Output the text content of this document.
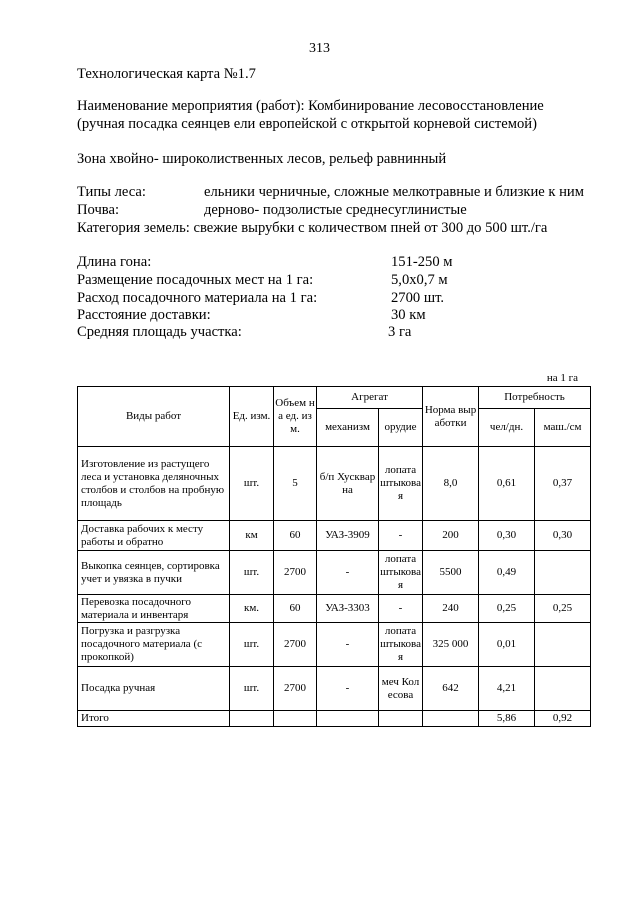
313
Технологическая карта №1.7
Наименование мероприятия (работ): Комбинирование лесовосстановление
(ручная посадка сеянцев ели европейской с открытой корневой системой)
Зона хвойно- широколиственных лесов, рельеф равнинный
Типы леса:	ельники черничные, сложные мелкотравные и близкие к ним
Почва:	дерново- подзолистые среднесуглинистые
Категория земель: свежие вырубки с количеством пней от 300 до 500 шт./га
Длина гона:	151-250 м
Размещение посадочных мест на 1 га:	5,0х0,7 м
Расход посадочного материала на 1 га:	2700 шт.
Расстояние доставки:	30 км
Средняя площадь участка:	3 га
на 1 га
Виды работ	Ед. изм.	Объем на ед. изм.	Агрегат		Норма выработки	Потребность	
			механизм	орудие		чел/дн.	маш./см
Изготовление из растущего леса и установка деляночных столбов и столбов на пробную площадь	шт.	5	б/п Хускварна	лопата штыковая	8,0	0,61	0,37
Доставка рабочих к месту работы и обратно	км	60	УАЗ-3909	-	200	0,30	0,30
Выкопка сеянцев, сортировка учет и увязка в пучки	шт.	2700	-	лопата штыковая	5500	0,49	
Перевозка посадочного материала и инвентаря	км.	60	УАЗ-3303	-	240	0,25	0,25
Погрузка и разгрузка посадочного материала (с прокопкой)	шт.	2700	-	лопата штыковая	325 000	0,01	
Посадка ручная	шт.	2700	-	меч Колесова	642	4,21	
Итого						5,86	0,92
